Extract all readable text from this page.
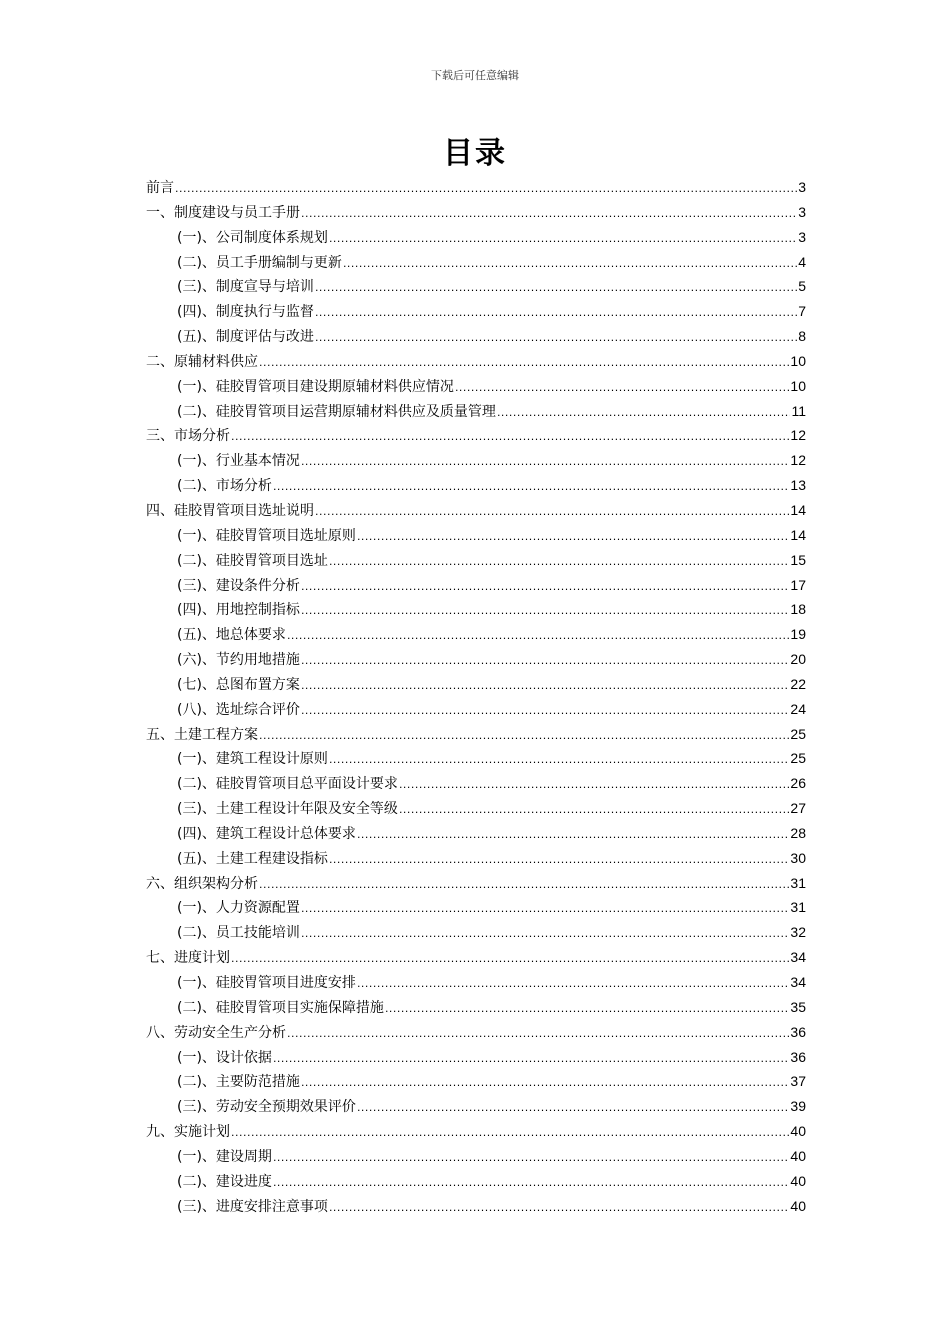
下载后可任意编辑
目录
前言 .....	3
一、制度建设与员工手册 .....	3
(一)、公司制度体系规划 .....	3
(二)、员工手册编制与更新 .....	4
(三)、制度宣导与培训 .....	5
(四)、制度执行与监督 .....	7
(五)、制度评估与改进 .....	8
二、原辅材料供应 .....	10
(一)、硅胶胃管项目建设期原辅材料供应情况 .....	10
(二)、硅胶胃管项目运营期原辅材料供应及质量管理 .....	11
三、市场分析 .....	12
(一)、行业基本情况 .....	12
(二)、市场分析 .....	13
四、硅胶胃管项目选址说明 .....	14
(一)、硅胶胃管项目选址原则 .....	14
(二)、硅胶胃管项目选址 .....	15
(三)、建设条件分析 .....	17
(四)、用地控制指标 .....	18
(五)、地总体要求 .....	19
(六)、节约用地措施 .....	20
(七)、总图布置方案 .....	22
(八)、选址综合评价 .....	24
五、土建工程方案 .....	25
(一)、建筑工程设计原则 .....	25
(二)、硅胶胃管项目总平面设计要求 .....	26
(三)、土建工程设计年限及安全等级 .....	27
(四)、建筑工程设计总体要求 .....	28
(五)、土建工程建设指标 .....	30
六、组织架构分析 .....	31
(一)、人力资源配置 .....	31
(二)、员工技能培训 .....	32
七、进度计划 .....	34
(一)、硅胶胃管项目进度安排 .....	34
(二)、硅胶胃管项目实施保障措施 .....	35
八、劳动安全生产分析 .....	36
(一)、设计依据 .....	36
(二)、主要防范措施 .....	37
(三)、劳动安全预期效果评价 .....	39
九、实施计划 .....	40
(一)、建设周期 .....	40
(二)、建设进度 .....	40
(三)、进度安排注意事项 .....	40
